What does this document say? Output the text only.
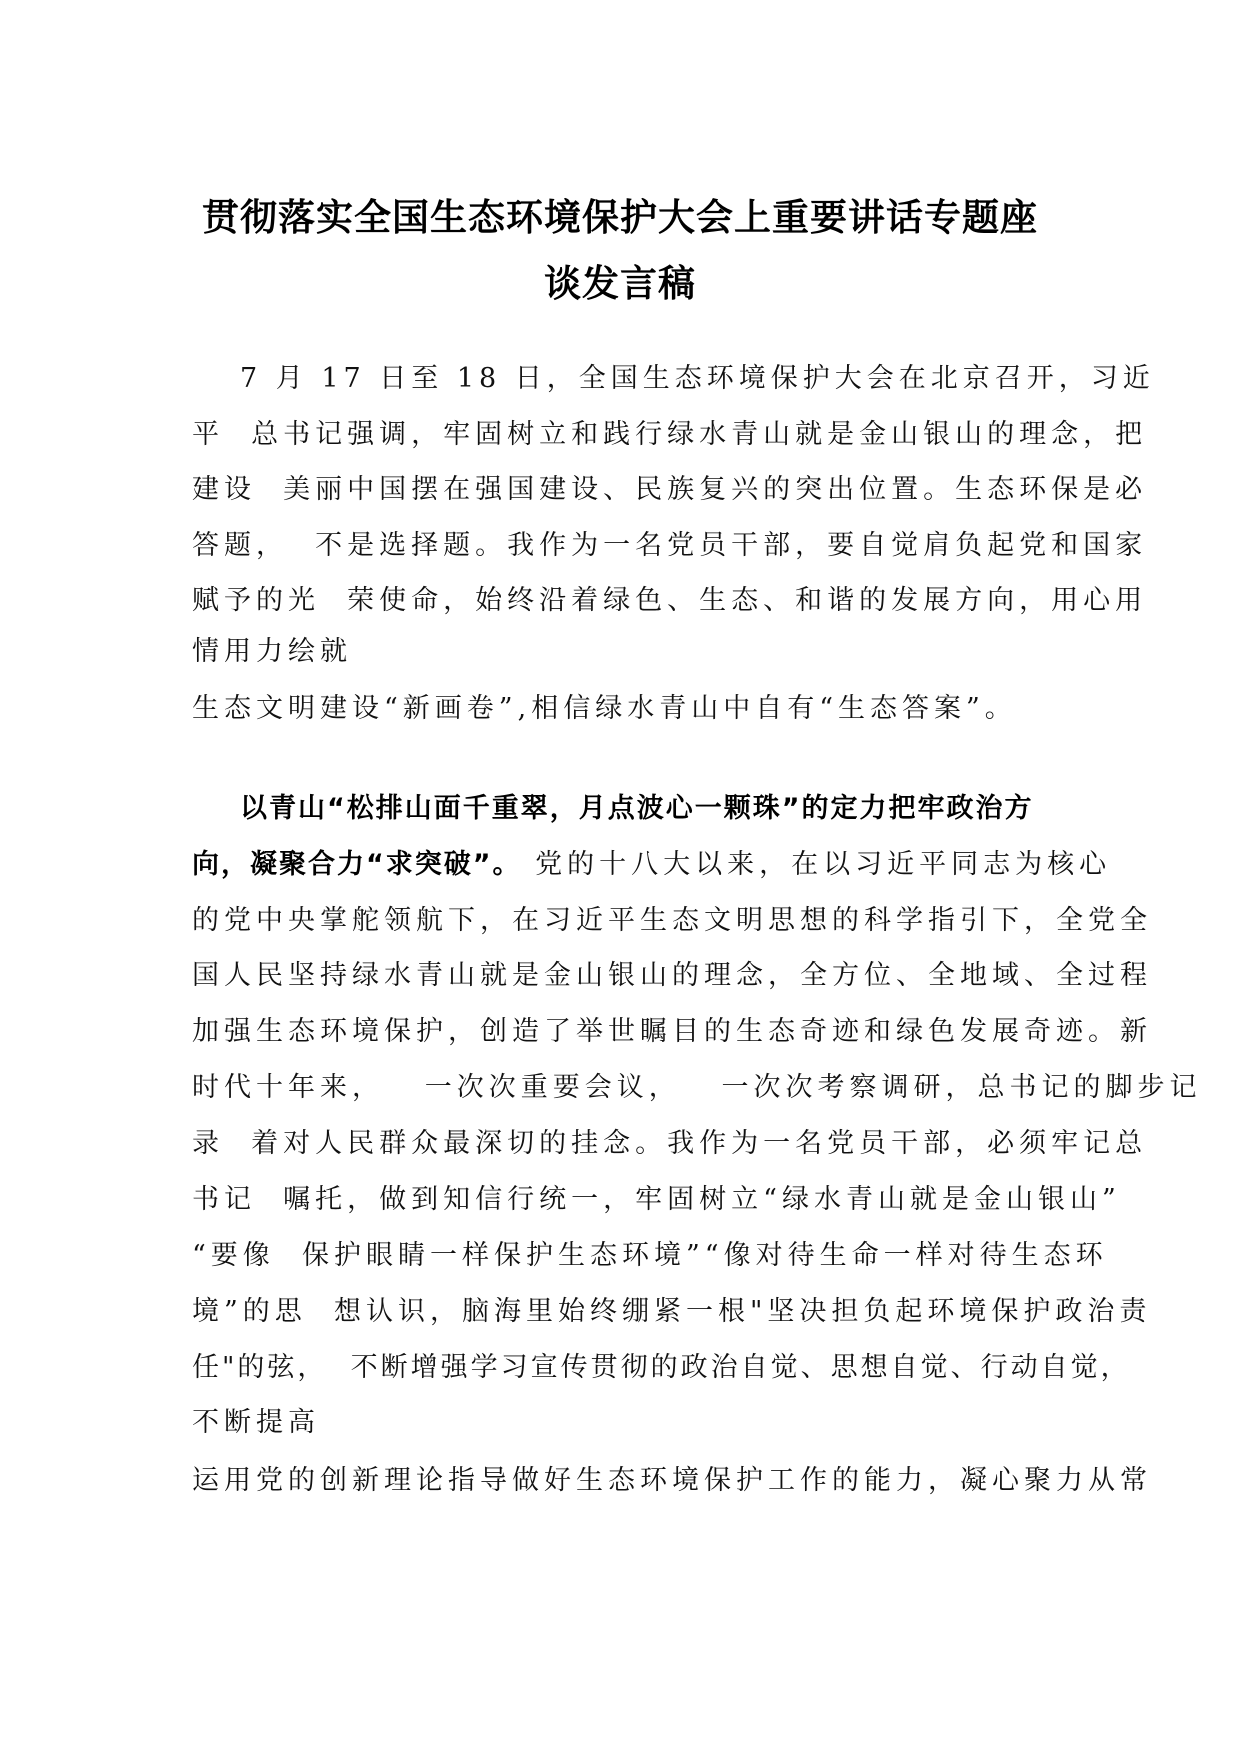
贯彻落实全国生态环境保护大会上重要讲话专题座
谈发言稿
7 月 17 日至 18 日，全国生态环境保护大会在北京召开，习近
平  总书记强调，牢固树立和践行绿水青山就是金山银山的理念，把
建设  美丽中国摆在强国建设、民族复兴的突出位置。生态环保是必
答题，  不是选择题。我作为一名党员干部，要自觉肩负起党和国家
赋予的光  荣使命，始终沿着绿色、生态、和谐的发展方向，用心用
情用力绘就
生态文明建设“新画卷”,相信绿水青山中自有“生态答案”。
以青山“松排山面千重翠，月点波心一颗珠”的定力把牢政治方
向，凝聚合力“求突破”。 党的十八大以来，在以习近平同志为核心
的党中央掌舵领航下，在习近平生态文明思想的科学指引下，全党全
国人民坚持绿水青山就是金山银山的理念，全方位、全地域、全过程
加强生态环境保护，创造了举世瞩目的生态奇迹和绿色发展奇迹。新
时代十年来，   一次次重要会议，   一次次考察调研，总书记的脚步记
录  着对人民群众最深切的挂念。我作为一名党员干部，必须牢记总
书记  嘱托，做到知信行统一，牢固树立“绿水青山就是金山银山”
“要像  保护眼睛一样保护生态环境”“像对待生命一样对待生态环
境”的思  想认识，脑海里始终绷紧一根"坚决担负起环境保护政治责
任"的弦，  不断增强学习宣传贯彻的政治自觉、思想自觉、行动自觉，
不断提高
运用党的创新理论指导做好生态环境保护工作的能力，凝心聚力从常
